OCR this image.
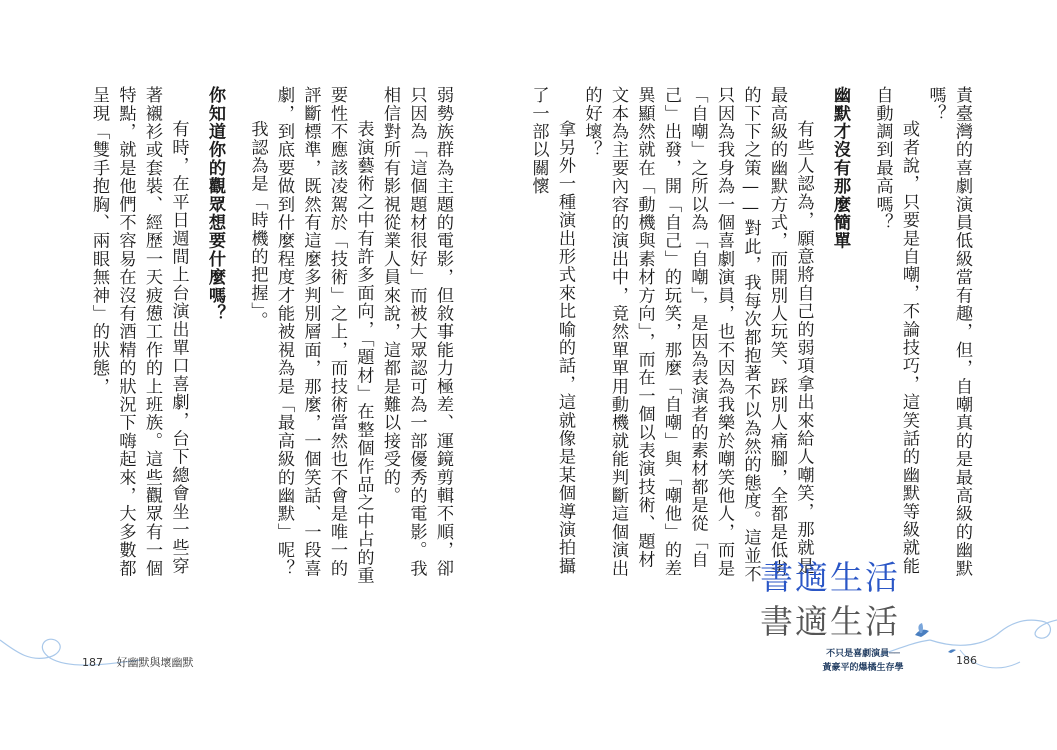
責臺灣的喜劇演員低級當有趣，但，自嘲真的是最高級的幽默嗎？

或者說，只要是自嘲，不論技巧，這笑話的幽默等級就能自動調到最高嗎？

幽默才沒有那麼簡單

有些人認為，願意將自己的弱項拿出來給人嘲笑，那就是最高級的幽默方式，而開別人玩笑、踩別人痛腳，全都是低劣的下下之策——對此，我每次都抱著不以為然的態度。這並不只因為我身為一個喜劇演員，也不因為我樂於嘲笑他人，而是「自嘲」之所以為「自嘲」，是因為表演者的素材都是從「自己」出發，開「自己」的玩笑，那麼「自嘲」與「嘲他」的差異顯然就在「動機與素材方向」，而在一個以表演技術、題材文本為主要內容的演出中，竟然單單用動機就能判斷這個演出的好壞？

拿另外一種演出形式來比喻的話，這就像是某個導演拍攝了一部以關懷

不只是喜劇演員──
黃豪平的爆橘生存學
186
書適生活
書適生活

弱勢族群為主題的電影，但敘事能力極差、運鏡剪輯不順，卻只因為「這個題材很好」而被大眾認可為一部優秀的電影。我相信對所有影視從業人員來說，這都是難以接受的。

表演藝術之中有許多面向，「題材」在整個作品之中占的重要性不應該凌駕於「技術」之上，而技術當然也不會是唯一的評斷標準，既然有這麼多判別層面，那麼，一個笑話、一段喜劇，到底要做到什麼程度才能被視為是「最高級的幽默」呢？

我認為是「時機的把握」。

你知道你的觀眾想要什麼嗎？

有時，在平日週間上台演出單口喜劇，台下總會坐一些穿著襯衫或套裝、經歷一天疲憊工作的上班族。這些觀眾有一個特點，就是他們不容易在沒有酒精的狀況下嗨起來，大多數都呈現「雙手抱胸、兩眼無神」的狀態，

187 好幽默與壞幽默
